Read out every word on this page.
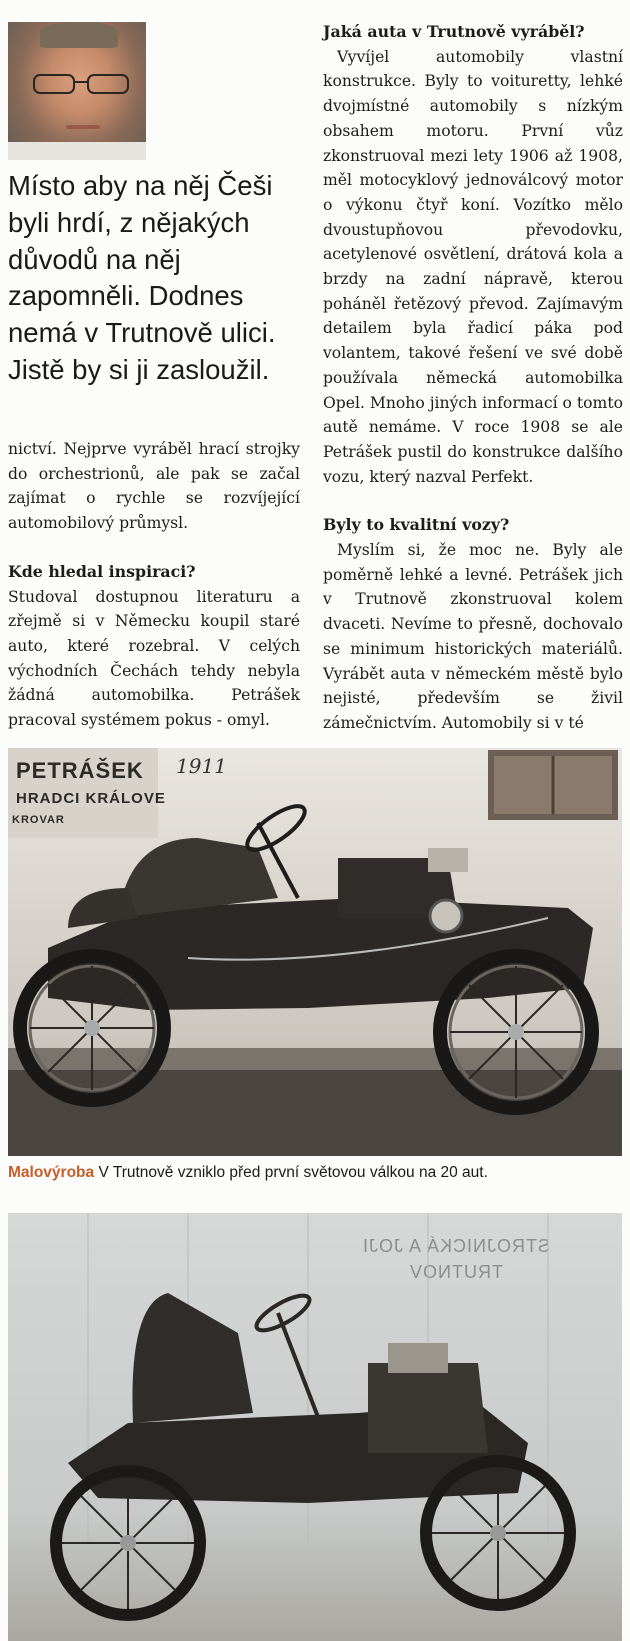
Místo aby na něj Češi byli hrdí, z nějakých důvodů na něj zapomněli. Dodnes nemá v Trutnově ulici. Jistě by si ji zasloužil.

nictví. Nejprve vyráběl hrací strojky do orchestrionů, ale pak se začal zajímat o rychle se rozvíjející automobilový průmysl.

Kde hledal inspiraci?

Studoval dostupnou literaturu a zřejmě si v Německu koupil staré auto, které rozebral. V celých východních Čechách tehdy nebyla žádná automobilka. Petrášek pracoval systémem pokus - omyl.

Jaká auta v Trutnově vyráběl?

Vyvíjel automobily vlastní konstrukce. Byly to voituretty, lehké dvojmístné automobily s nízkým obsahem motoru. První vůz zkonstruoval mezi lety 1906 až 1908, měl motocyklový jednoválcový motor o výkonu čtyř koní. Vozítko mělo dvoustupňovou převodovku, acetylenové osvětlení, drátová kola a brzdy na zadní nápravě, kterou poháněl řetězový převod. Zajímavým detailem byla řadicí páka pod volantem, takové řešení ve své době používala německá automobilka Opel. Mnoho jiných informací o tomto autě nemáme. V roce 1908 se ale Petrášek pustil do konstrukce dalšího vozu, který nazval Perfekt.

Byly to kvalitní vozy?

Myslím si, že moc ne. Byly ale poměrně lehké a levné. Petrášek jich v Trutnově zkonstruoval kolem dvaceti. Nevíme to přesně, dochovalo se minimum historických materiálů. Vyrábět auta v německém městě bylo nejisté, především se živil zámečnictvím. Automobily si v té

PETRÁŠEK
HRADCI KRÁLOVE
KROVAR
1911
Malovýroba V Trutnově vzniklo před první světovou válkou na 20 aut.
STROJNICKÁ A JOJI
TRUTNOV
